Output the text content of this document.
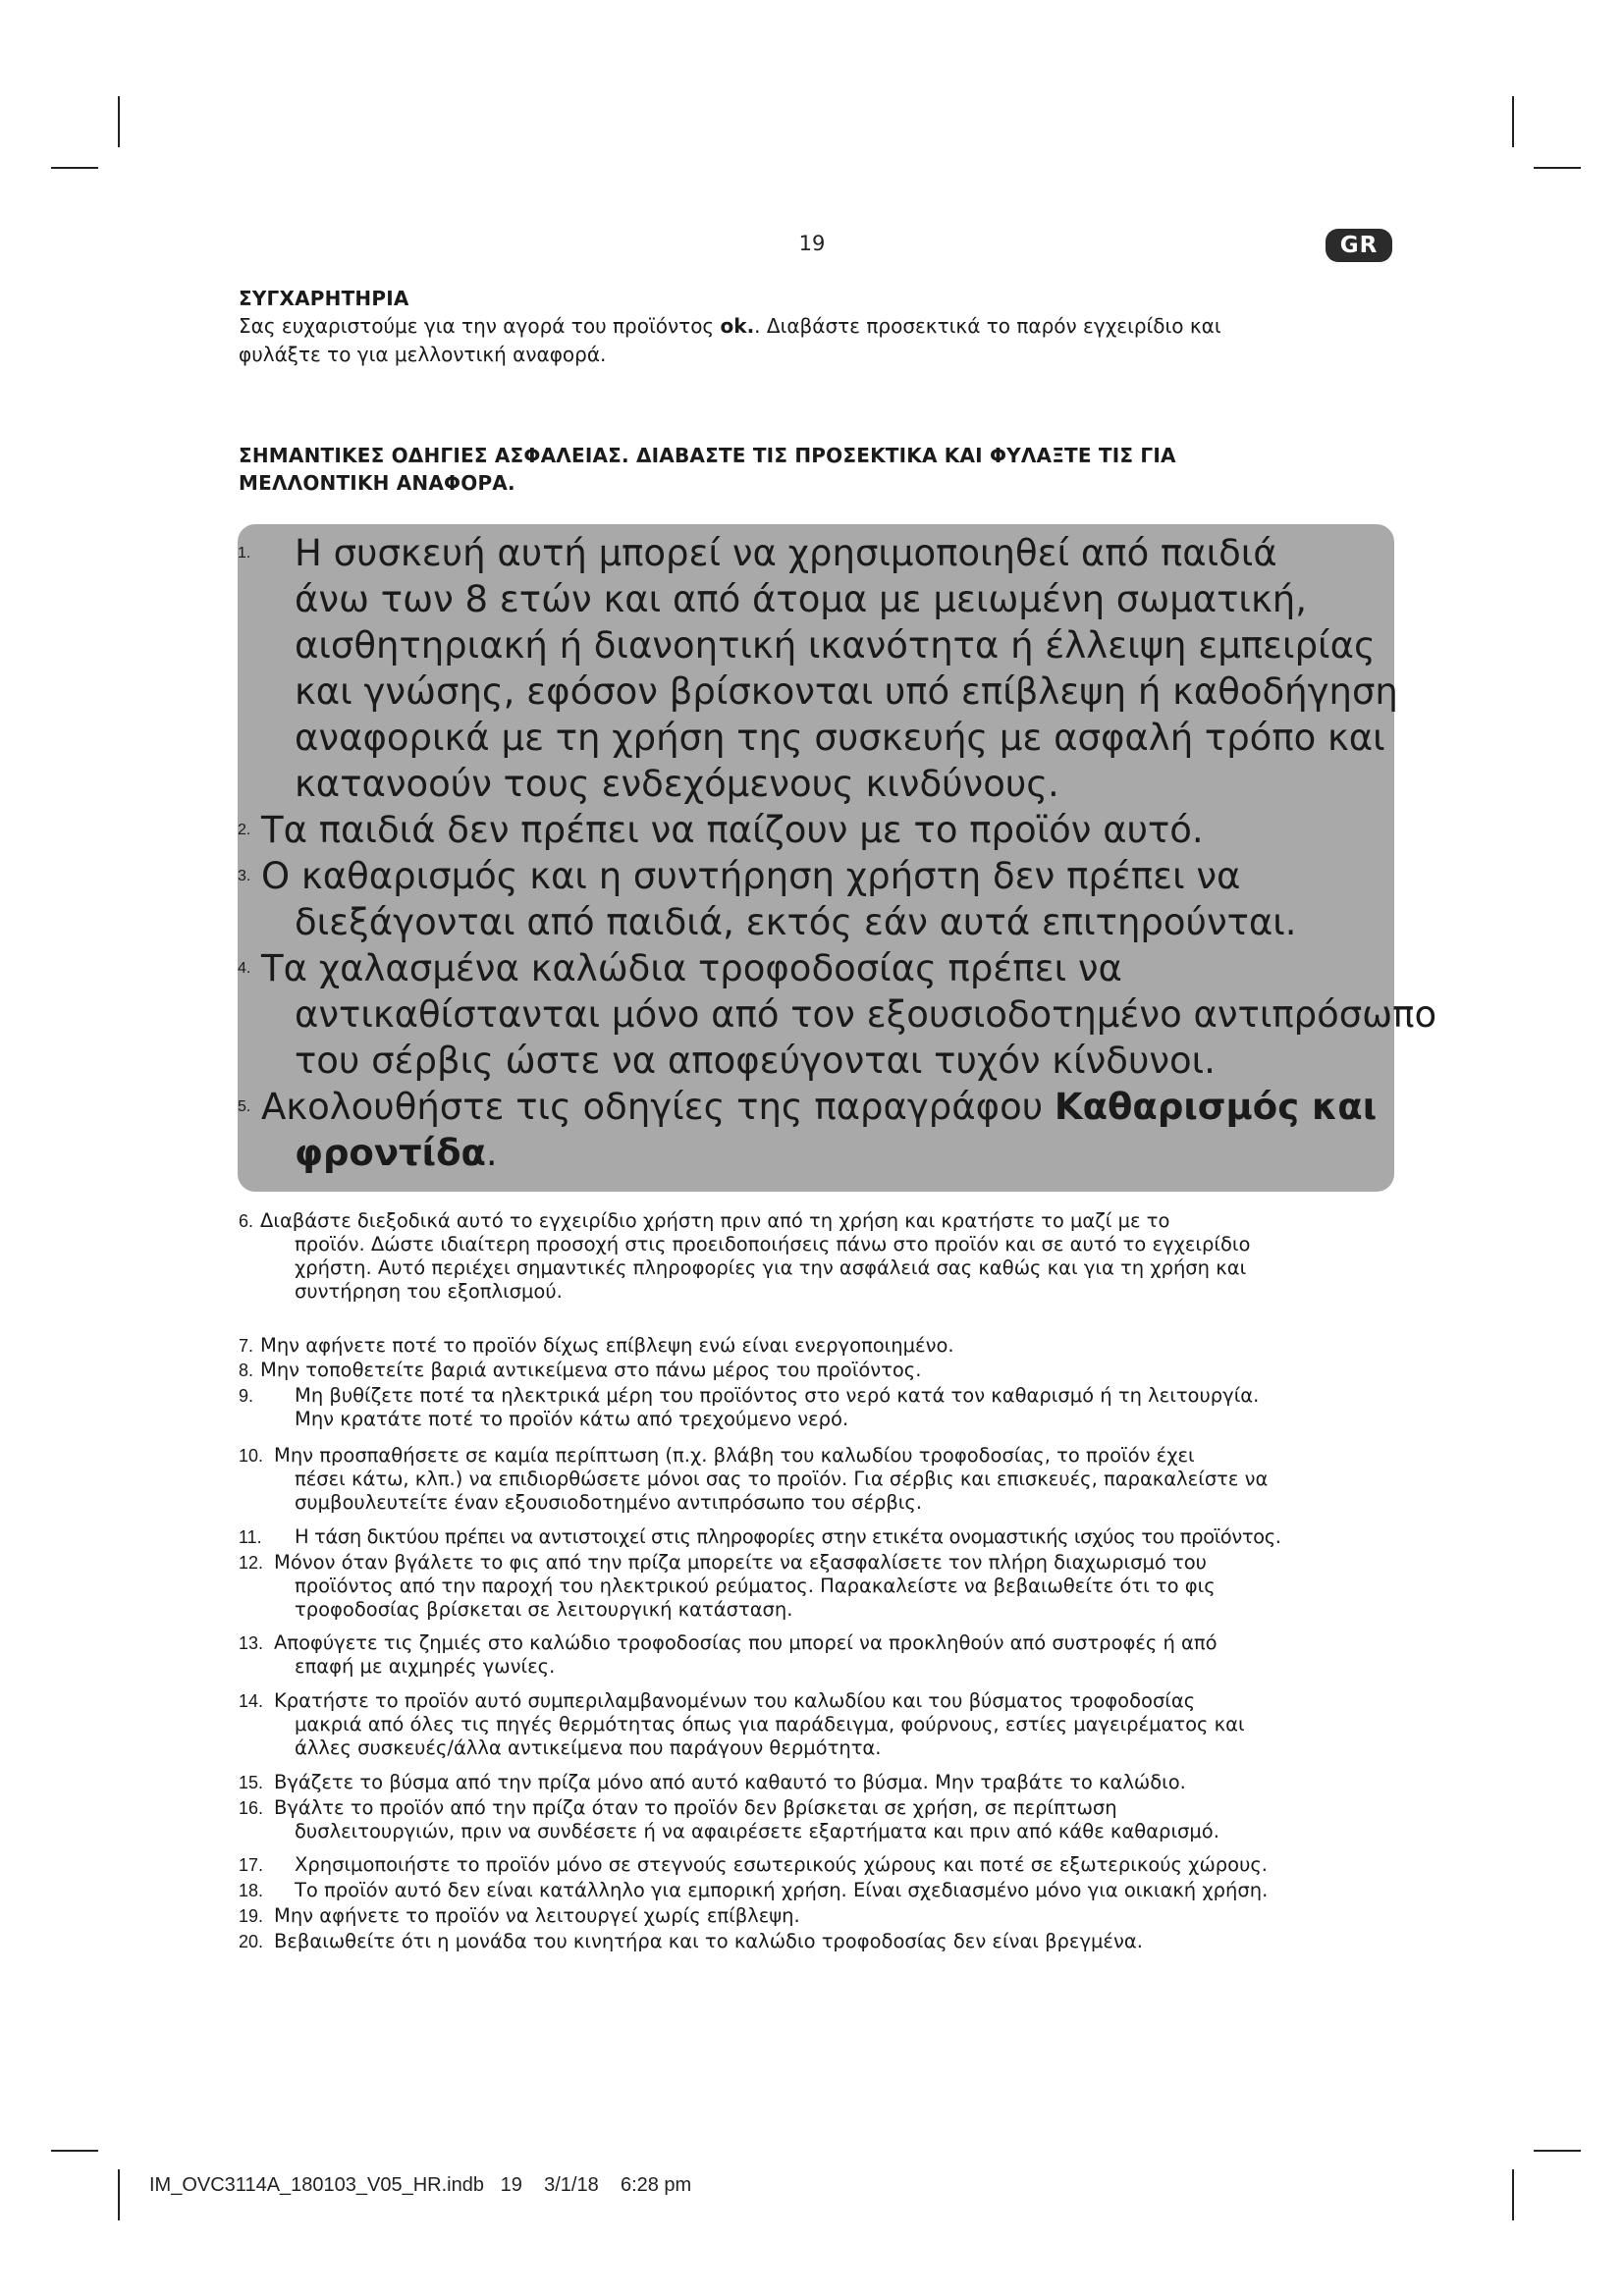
19	GR
ΣΥΓΧΑΡΗΤΗΡΙΑ
Σας ευχαριστούμε για την αγορά του προϊόντος ok.. Διαβάστε προσεκτικά το παρόν εγχειρίδιο και
φυλάξτε το για μελλοντική αναφορά.
ΣΗΜΑΝΤΙΚΕΣ ΟΔΗΓΙΕΣ ΑΣΦΑΛΕΙΑΣ. ΔΙΑΒΑΣΤΕ ΤΙΣ ΠΡΟΣΕΚΤΙΚΑ ΚΑΙ ΦΥΛΑΞΤΕ ΤΙΣ ΓΙΑ
ΜΕΛΛΟΝΤΙΚΗ ΑΝΑΦΟΡΑ.
1. Η συσκευή αυτή μπορεί να χρησιμοποιηθεί από παιδιά
άνω των 8 ετών και από άτομα με μειωμένη σωματική,
αισθητηριακή ή διανοητική ικανότητα ή έλλειψη εμπειρίας
και γνώσης, εφόσον βρίσκονται υπό επίβλεψη ή καθοδήγηση
αναφορικά με τη χρήση της συσκευής με ασφαλή τρόπο και
κατανοούν τους ενδεχόμενους κινδύνους.
2. Τα παιδιά δεν πρέπει να παίζουν με το προϊόν αυτό.
3. Ο καθαρισμός και η συντήρηση χρήστη δεν πρέπει να
διεξάγονται από παιδιά, εκτός εάν αυτά επιτηρούνται.
4. Τα χαλασμένα καλώδια τροφοδοσίας πρέπει να
αντικαθίστανται μόνο από τον εξουσιοδοτημένο αντιπρόσωπο
του σέρβις ώστε να αποφεύγονται τυχόν κίνδυνοι.
5. Ακολουθήστε τις οδηγίες της παραγράφου Καθαρισμός και
φροντίδα.
6. Διαβάστε διεξοδικά αυτό το εγχειρίδιο χρήστη πριν από τη χρήση και κρατήστε το μαζί με το
προϊόν. Δώστε ιδιαίτερη προσοχή στις προειδοποιήσεις πάνω στο προϊόν και σε αυτό το εγχειρίδιο
χρήστη. Αυτό περιέχει σημαντικές πληροφορίες για την ασφάλειά σας καθώς και για τη χρήση και
συντήρηση του εξοπλισμού.
7. Μην αφήνετε ποτέ το προϊόν δίχως επίβλεψη ενώ είναι ενεργοποιημένο.
8. Μην τοποθετείτε βαριά αντικείμενα στο πάνω μέρος του προϊόντος.
9. Μη βυθίζετε ποτέ τα ηλεκτρικά μέρη του προϊόντος στο νερό κατά τον καθαρισμό ή τη λειτουργία.
Μην κρατάτε ποτέ το προϊόν κάτω από τρεχούμενο νερό.
10. Μην προσπαθήσετε σε καμία περίπτωση (π.χ. βλάβη του καλωδίου τροφοδοσίας, το προϊόν έχει
πέσει κάτω, κλπ.) να επιδιορθώσετε μόνοι σας το προϊόν. Για σέρβις και επισκευές, παρακαλείστε να
συμβουλευτείτε έναν εξουσιοδοτημένο αντιπρόσωπο του σέρβις.
11. Η τάση δικτύου πρέπει να αντιστοιχεί στις πληροφορίες στην ετικέτα ονομαστικής ισχύος του προϊόντος.
12. Μόνον όταν βγάλετε το φις από την πρίζα μπορείτε να εξασφαλίσετε τον πλήρη διαχωρισμό του
προϊόντος από την παροχή του ηλεκτρικού ρεύματος. Παρακαλείστε να βεβαιωθείτε ότι το φις
τροφοδοσίας βρίσκεται σε λειτουργική κατάσταση.
13. Αποφύγετε τις ζημιές στο καλώδιο τροφοδοσίας που μπορεί να προκληθούν από συστροφές ή από
επαφή με αιχμηρές γωνίες.
14. Κρατήστε το προϊόν αυτό συμπεριλαμβανομένων του καλωδίου και του βύσματος τροφοδοσίας
μακριά από όλες τις πηγές θερμότητας όπως για παράδειγμα, φούρνους, εστίες μαγειρέματος και
άλλες συσκευές/άλλα αντικείμενα που παράγουν θερμότητα.
15. Βγάζετε το βύσμα από την πρίζα μόνο από αυτό καθαυτό το βύσμα. Μην τραβάτε το καλώδιο.
16. Βγάλτε το προϊόν από την πρίζα όταν το προϊόν δεν βρίσκεται σε χρήση, σε περίπτωση
δυσλειτουργιών, πριν να συνδέσετε ή να αφαιρέσετε εξαρτήματα και πριν από κάθε καθαρισμό.
17. Χρησιμοποιήστε το προϊόν μόνο σε στεγνούς εσωτερικούς χώρους και ποτέ σε εξωτερικούς χώρους.
18. Το προϊόν αυτό δεν είναι κατάλληλο για εμπορική χρήση. Είναι σχεδιασμένο μόνο για οικιακή χρήση.
19. Μην αφήνετε το προϊόν να λειτουργεί χωρίς επίβλεψη.
20. Βεβαιωθείτε ότι η μονάδα του κινητήρα και το καλώδιο τροφοδοσίας δεν είναι βρεγμένα.
IM_OVC3114A_180103_V05_HR.indb   19    3/1/18    6:28 pm
